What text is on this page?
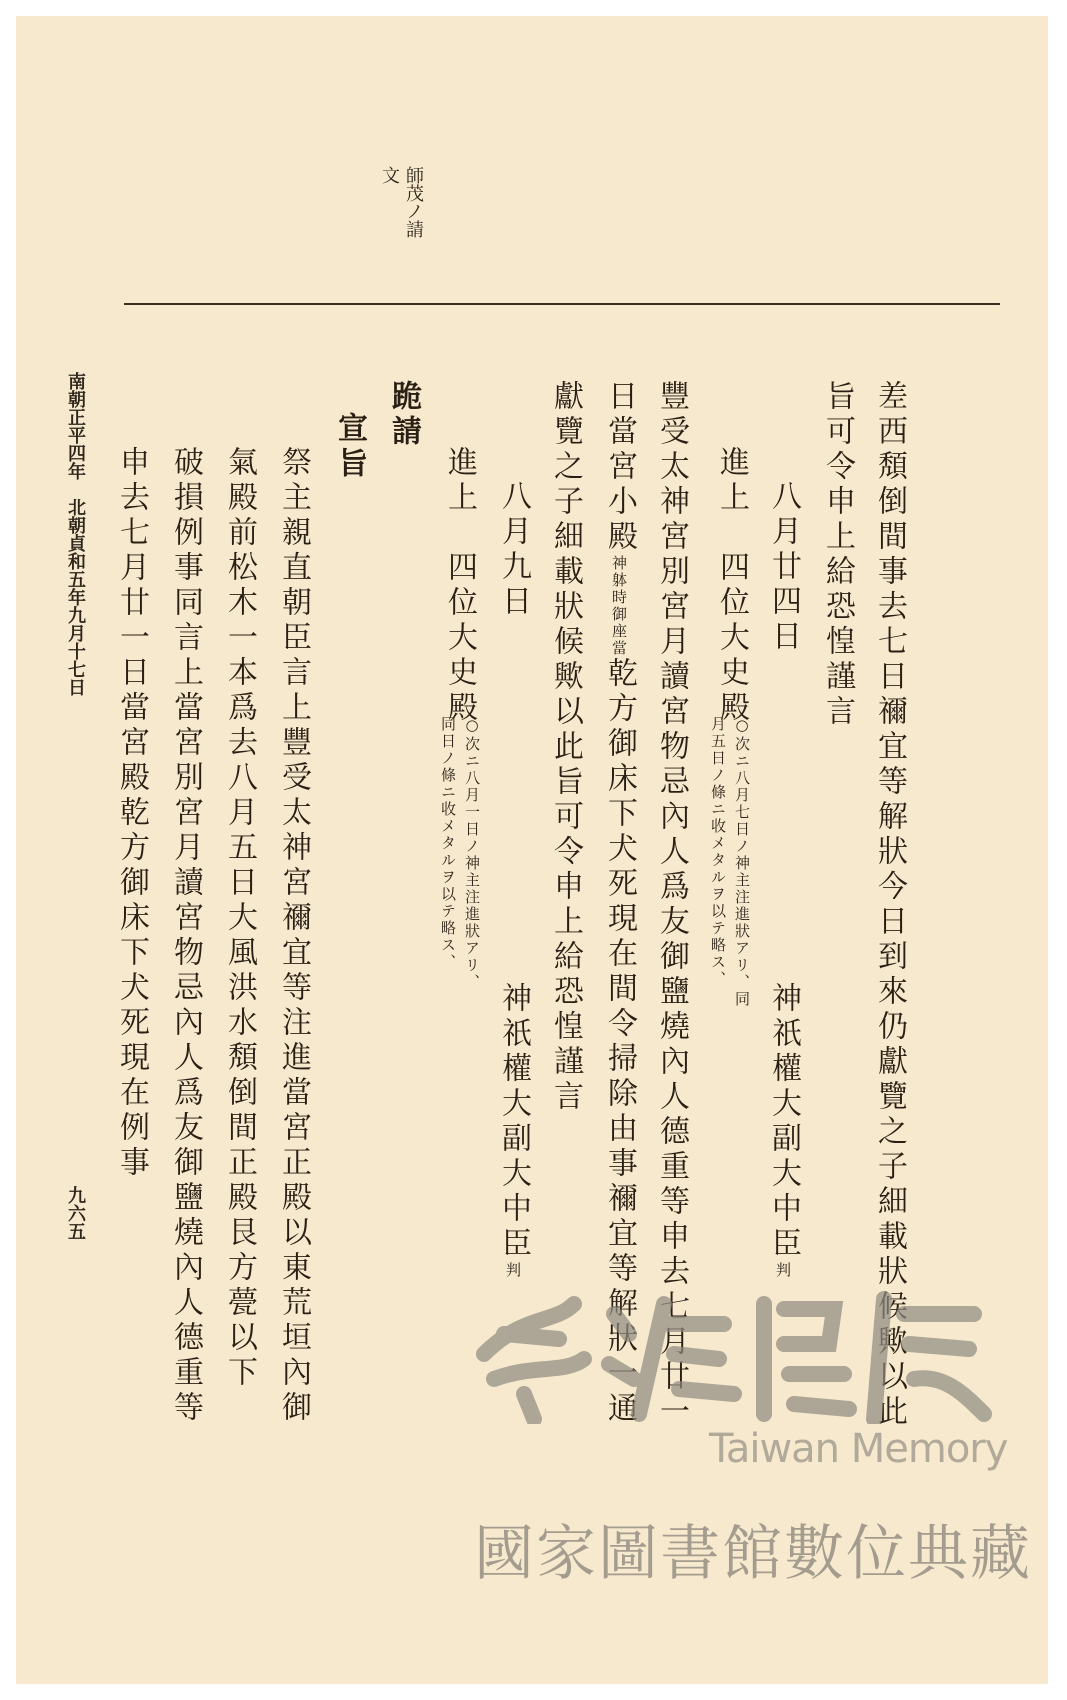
師茂ノ請
文
差西頽倒間事去七日禰宜等解狀今日到來仍獻覽之子細載狀候歟以此
旨可令申上給恐惶謹言
八月廿四日
神祇權大副大中臣判
進上　四位大史殿
○次ニ八月七日ノ神主注進狀アリ、同
月五日ノ條ニ收メタルヲ以テ略ス、
豐受太神宮別宮月讀宮物忌內人爲友御鹽燒內人德重等申去七月廿一
日當宮小殿神躰時御座當乾方御床下犬死現在間令掃除由事禰宜等解狀一通
獻覽之子細載狀候歟以此旨可令申上給恐惶謹言
八月九日
神祇權大副大中臣判
進上　四位大史殿
○次ニ八月一日ノ神主注進狀アリ、
同日ノ條ニ收メタルヲ以テ略ス、
跪請
宣旨
祭主親直朝臣言上豐受太神宮禰宜等注進當宮正殿以東荒垣內御
氣殿前松木一本爲去八月五日大風洪水頽倒間正殿艮方甍以下
破損例事同言上當宮別宮月讀宮物忌內人爲友御鹽燒內人德重等
申去七月廿一日當宮殿乾方御床下犬死現在例事
南朝正平四年　北朝貞和五年九月十七日
九六五
Taiwan Memory
國家圖書館數位典藏
